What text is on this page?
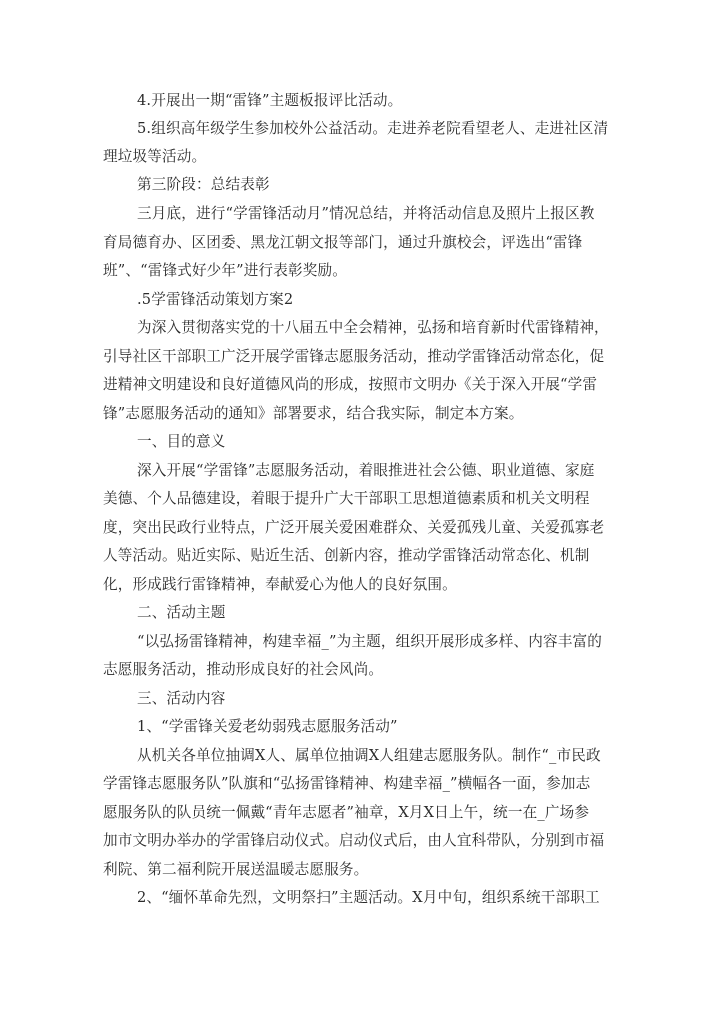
4.开展出一期“雷锋”主题板报评比活动。
5.组织高年级学生参加校外公益活动。走进养老院看望老人、走进社区清
理垃圾等活动。
第三阶段：总结表彰
三月底，进行“学雷锋活动月”情况总结，并将活动信息及照片上报区教
育局德育办、区团委、黑龙江朝文报等部门，通过升旗校会，评选出“雷锋
班”、“雷锋式好少年”进行表彰奖励。
.5学雷锋活动策划方案2
为深入贯彻落实党的十八届五中全会精神，弘扬和培育新时代雷锋精神，
引导社区干部职工广泛开展学雷锋志愿服务活动，推动学雷锋活动常态化，促
进精神文明建设和良好道德风尚的形成，按照市文明办《关于深入开展“学雷
锋”志愿服务活动的通知》部署要求，结合我实际，制定本方案。
一、目的意义
深入开展“学雷锋”志愿服务活动，着眼推进社会公德、职业道德、家庭
美德、个人品德建设，着眼于提升广大干部职工思想道德素质和机关文明程
度，突出民政行业特点，广泛开展关爱困难群众、关爱孤残儿童、关爱孤寡老
人等活动。贴近实际、贴近生活、创新内容，推动学雷锋活动常态化、机制
化，形成践行雷锋精神，奉献爱心为他人的良好氛围。
二、活动主题
“以弘扬雷锋精神，构建幸福_”为主题，组织开展形成多样、内容丰富的
志愿服务活动，推动形成良好的社会风尚。
三、活动内容
1、“学雷锋关爱老幼弱残志愿服务活动”
从机关各单位抽调X人、属单位抽调X人组建志愿服务队。制作“_市民政
学雷锋志愿服务队”队旗和“弘扬雷锋精神、构建幸福_”横幅各一面，参加志
愿服务队的队员统一佩戴“青年志愿者”袖章，X月X日上午，统一在_广场参
加市文明办举办的学雷锋启动仪式。启动仪式后，由人宜科带队，分别到市福
利院、第二福利院开展送温暖志愿服务。
2、“缅怀革命先烈，文明祭扫”主题活动。X月中旬，组织系统干部职工
